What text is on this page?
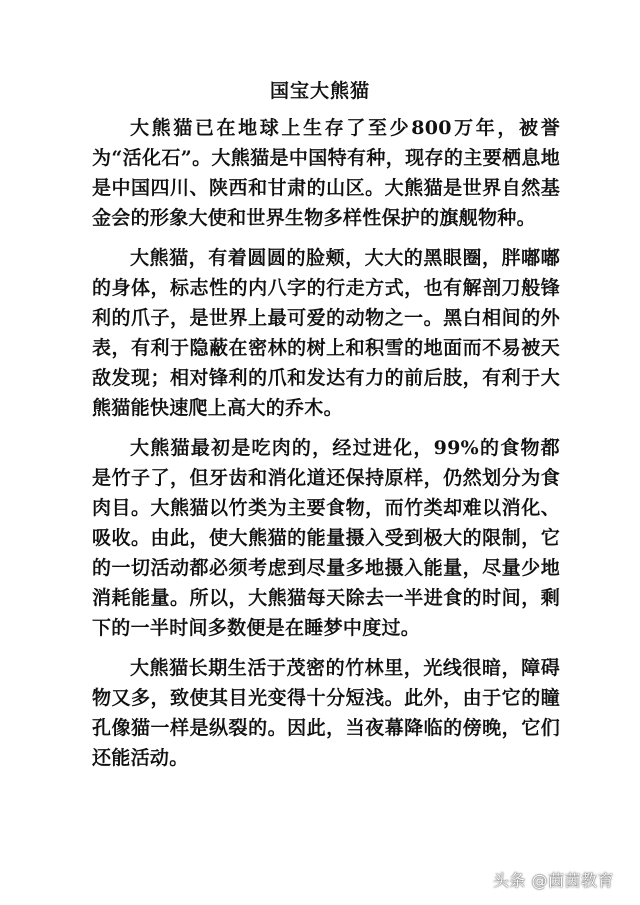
国宝大熊猫

大熊猫已在地球上生存了至少800万年，被誉为“活化石”。大熊猫是中国特有种，现存的主要栖息地是中国四川、陕西和甘肃的山区。大熊猫是世界自然基金会的形象大使和世界生物多样性保护的旗舰物种。

大熊猫，有着圆圆的脸颊，大大的黑眼圈，胖嘟嘟的身体，标志性的内八字的行走方式，也有解剖刀般锋利的爪子，是世界上最可爱的动物之一。黑白相间的外表，有利于隐蔽在密林的树上和积雪的地面而不易被天敌发现；相对锋利的爪和发达有力的前后肢，有利于大熊猫能快速爬上高大的乔木。

大熊猫最初是吃肉的，经过进化，99%的食物都是竹子了，但牙齿和消化道还保持原样，仍然划分为食肉目。大熊猫以竹类为主要食物，而竹类却难以消化、吸收。由此，使大熊猫的能量摄入受到极大的限制，它的一切活动都必须考虑到尽量多地摄入能量，尽量少地消耗能量。所以，大熊猫每天除去一半进食的时间，剩下的一半时间多数便是在睡梦中度过。

大熊猫长期生活于茂密的竹林里，光线很暗，障碍物又多，致使其目光变得十分短浅。此外，由于它的瞳孔像猫一样是纵裂的。因此，当夜幕降临的傍晚，它们还能活动。

头条 @茵茵教育
